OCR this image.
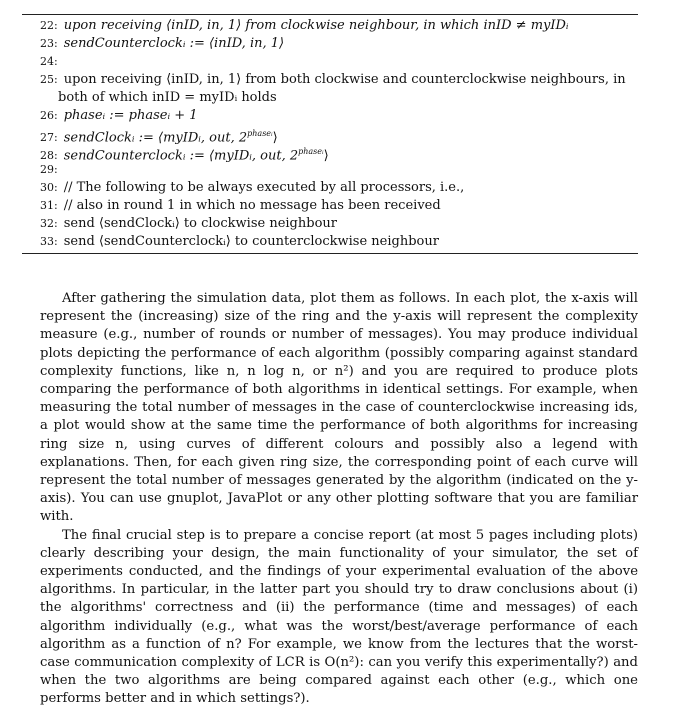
22: upon receiving ⟨inID, in, 1⟩ from clockwise neighbour, in which inID ≠ myIDᵢ
23: sendCounterclockᵢ := ⟨inID, in, 1⟩
24:
25: upon receiving ⟨inID, in, 1⟩ from both clockwise and counterclockwise neighbours, in both of which inID = myIDᵢ holds
26: phaseᵢ := phaseᵢ + 1
27: sendClockᵢ := ⟨myIDᵢ, out, $2^{phaseᵢ}⟩$
28: sendCounterclockᵢ := ⟨myIDᵢ, out, $2^{phaseᵢ}⟩$
29:
30: // The following to be always executed by all processors, i.e.,
31: // also in round 1 in which no message has been received
32: send ⟨sendClockᵢ⟩ to clockwise neighbour
33: send ⟨sendCounterclockᵢ⟩ to counterclockwise neighbour

After gathering the simulation data, plot them as follows. In each plot, the x-axis will represent the (increasing) size of the ring and the y-axis will represent the complexity measure (e.g., number of rounds or number of messages). You may produce individual plots depicting the performance of each algorithm (possibly comparing against standard complexity functions, like n, n log n, or n²) and you are required to produce plots comparing the performance of both algorithms in identical settings. For example, when measuring the total number of messages in the case of counterclockwise increasing ids, a plot would show at the same time the performance of both algorithms for increasing ring size n, using curves of different colours and possibly also a legend with explanations. Then, for each given ring size, the corresponding point of each curve will represent the total number of messages generated by the algorithm (indicated on the y-axis). You can use gnuplot, JavaPlot or any other plotting software that you are familiar with.

The final crucial step is to prepare a concise report (at most 5 pages including plots) clearly describing your design, the main functionality of your simulator, the set of experiments conducted, and the findings of your experimental evaluation of the above algorithms. In particular, in the latter part you should try to draw conclusions about (i) the algorithms' correctness and (ii) the performance (time and messages) of each algorithm individually (e.g., what was the worst/best/average performance of each algorithm as a function of n? For example, we know from the lectures that the worst-case communication complexity of LCR is O(n²): can you verify this experimentally?) and when the two algorithms are being compared against each other (e.g., which one performs better and in which settings?).
